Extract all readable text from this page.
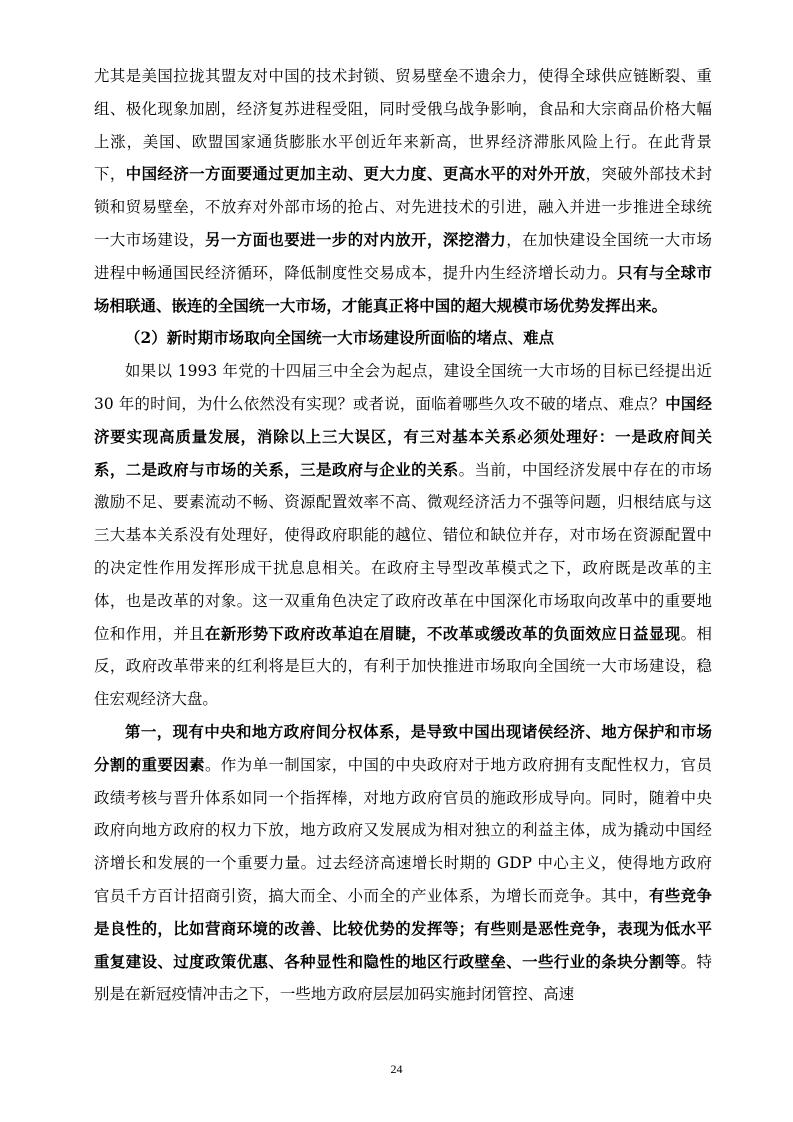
尤其是美国拉拢其盟友对中国的技术封锁、贸易壁垒不遗余力，使得全球供应链断裂、重组、极化现象加剧，经济复苏进程受阻，同时受俄乌战争影响，食品和大宗商品价格大幅上涨，美国、欧盟国家通货膨胀水平创近年来新高，世界经济滞胀风险上行。在此背景下，中国经济一方面要通过更加主动、更大力度、更高水平的对外开放，突破外部技术封锁和贸易壁垒，不放弃对外部市场的抢占、对先进技术的引进，融入并进一步推进全球统一大市场建设，另一方面也要进一步的对内放开，深挖潜力，在加快建设全国统一大市场进程中畅通国民经济循环，降低制度性交易成本，提升内生经济增长动力。只有与全球市场相联通、嵌连的全国统一大市场，才能真正将中国的超大规模市场优势发挥出来。

（2）新时期市场取向全国统一大市场建设所面临的堵点、难点

如果以 1993 年党的十四届三中全会为起点，建设全国统一大市场的目标已经提出近 30 年的时间，为什么依然没有实现？或者说，面临着哪些久攻不破的堵点、难点？中国经济要实现高质量发展，消除以上三大误区，有三对基本关系必须处理好：一是政府间关系，二是政府与市场的关系，三是政府与企业的关系。当前，中国经济发展中存在的市场激励不足、要素流动不畅、资源配置效率不高、微观经济活力不强等问题，归根结底与这三大基本关系没有处理好，使得政府职能的越位、错位和缺位并存，对市场在资源配置中的决定性作用发挥形成干扰息息相关。在政府主导型改革模式之下，政府既是改革的主体，也是改革的对象。这一双重角色决定了政府改革在中国深化市场取向改革中的重要地位和作用，并且在新形势下政府改革迫在眉睫，不改革或缓改革的负面效应日益显现。相反，政府改革带来的红利将是巨大的，有利于加快推进市场取向全国统一大市场建设，稳住宏观经济大盘。

第一，现有中央和地方政府间分权体系，是导致中国出现诸侯经济、地方保护和市场分割的重要因素。作为单一制国家，中国的中央政府对于地方政府拥有支配性权力，官员政绩考核与晋升体系如同一个指挥棒，对地方政府官员的施政形成导向。同时，随着中央政府向地方政府的权力下放，地方政府又发展成为相对独立的利益主体，成为撬动中国经济增长和发展的一个重要力量。过去经济高速增长时期的 GDP 中心主义，使得地方政府官员千方百计招商引资，搞大而全、小而全的产业体系，为增长而竞争。其中，有些竞争是良性的，比如营商环境的改善、比较优势的发挥等；有些则是恶性竞争，表现为低水平重复建设、过度政策优惠、各种显性和隐性的地区行政壁垒、一些行业的条块分割等。特别是在新冠疫情冲击之下，一些地方政府层层加码实施封闭管控、高速

24
